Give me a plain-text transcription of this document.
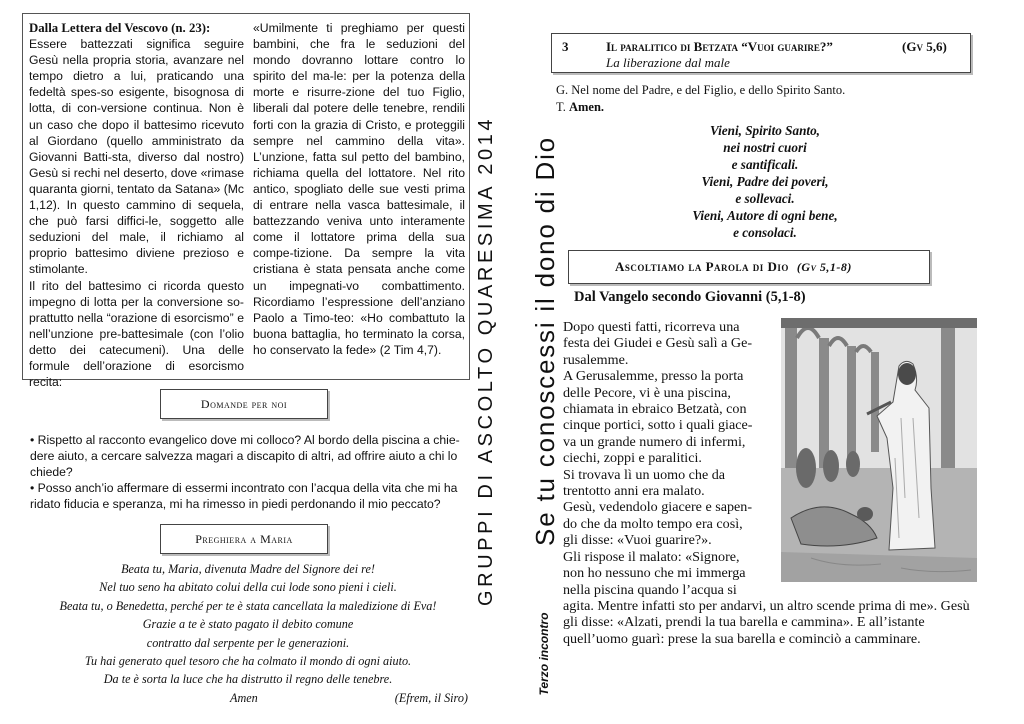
Dalla Lettera del Vescovo (n. 23):

Essere battezzati significa seguire Gesù nella propria storia, avanzare nel tempo dietro a lui, praticando una fedeltà spes-so esigente, bisognosa di lotta, di con-versione continua. Non è un caso che dopo il battesimo ricevuto al Giordano (quello amministrato da Giovanni Batti-sta, diverso dal nostro) Gesù si rechi nel deserto, dove «rimase quaranta giorni, tentato da Satana» (Mc 1,12). In questo cammino di sequela, che può farsi diffici-le, soggetto alle seduzioni del male, il richiamo al proprio battesimo diviene prezioso e stimolante.

Il rito del battesimo ci ricorda questo impegno di lotta per la conversione so-prattutto nella “orazione di esorcismo” e nell’unzione pre-battesimale (con l’olio detto dei catecumeni). Una delle formule dell’orazione di esorcismo recita:

«Umilmente ti preghiamo per questi bambini, che fra le seduzioni del mondo dovranno lottare contro lo spirito del ma-le: per la potenza della morte e risurre-zione del tuo Figlio, liberali dal potere delle tenebre, rendili forti con la grazia di Cristo, e proteggili sempre nel cammino della vita». L’unzione, fatta sul petto del bambino, richiama quella del lottatore. Nel rito antico, spogliato delle sue vesti prima di entrare nella vasca battesimale, il battezzando veniva unto interamente come il lottatore prima della sua compe-tizione. Da sempre la vita cristiana è stata pensata anche come un impegnati-vo combattimento. Ricordiamo l’espressione dell’anziano Paolo a Timo-teo: «Ho combattuto la buona battaglia, ho terminato la corsa, ho conservato la fede» (2 Tim 4,7).

Domande per noi

• Rispetto al racconto evangelico dove mi colloco? Al bordo della piscina a chie-dere aiuto, a cercare salvezza magari a discapito di altri, ad offrire aiuto a chi lo chiede?

• Posso anch’io affermare di essermi incontrato con l’acqua della vita che mi ha ridato fiducia e speranza, mi ha rimesso in piedi perdonando il mio peccato?

Preghiera a Maria

Beata tu, Maria, divenuta Madre del Signore dei re!

Nel tuo seno ha abitato colui della cui lode sono pieni i cieli.

Beata tu, o Benedetta, perché per te è stata cancellata la maledizione di Eva!

Grazie a te è stato pagato il debito comune

contratto dal serpente per le generazioni.

Tu hai generato quel tesoro che ha colmato il mondo di ogni aiuto.

Da te è sorta la luce che ha distrutto il regno delle tenebre.

Amen	(Efrem, il Siro)
GRUPPI DI ASCOLTO QUARESIMA 2014 Se tu conoscessi il dono di Dio
Terzo incontro
3	Il paralitico di Betzata “Vuoi guarire?”	(Gv 5,6)
La liberazione dal male

G. Nel nome del Padre, e del Figlio, e dello Spirito Santo.

T. Amen.

Vieni, Spirito Santo,

nei nostri cuori

e santificali.

Vieni, Padre dei poveri,

e sollevaci.

Vieni, Autore di ogni bene,

e consolaci.

Ascoltiamo la Parola di Dio (Gv 5,1-8)
Dal Vangelo secondo Giovanni (5,1-8)

Dopo questi fatti, ricorreva una

festa dei Giudei e Gesù salì a Ge-

rusalemme.

A Gerusalemme, presso la porta

delle Pecore, vi è una piscina,

chiamata in ebraico Betzatà, con

cinque portici, sotto i quali giace-

va un grande numero di infermi,

ciechi, zoppi e paralitici.

Si trovava lì un uomo che da

trentotto anni era malato.

Gesù, vedendolo giacere e sapen-

do che da molto tempo era così,

gli disse: «Vuoi guarire?».

Gli rispose il malato: «Signore,

non ho nessuno che mi immerga

nella piscina quando l’acqua si

agita. Mentre infatti sto per andarvi, un altro scende prima di me». Gesù gli disse: «Alzati, prendi la tua barella e cammina». E all’istante quell’uomo guarì: prese la sua barella e cominciò a camminare.
